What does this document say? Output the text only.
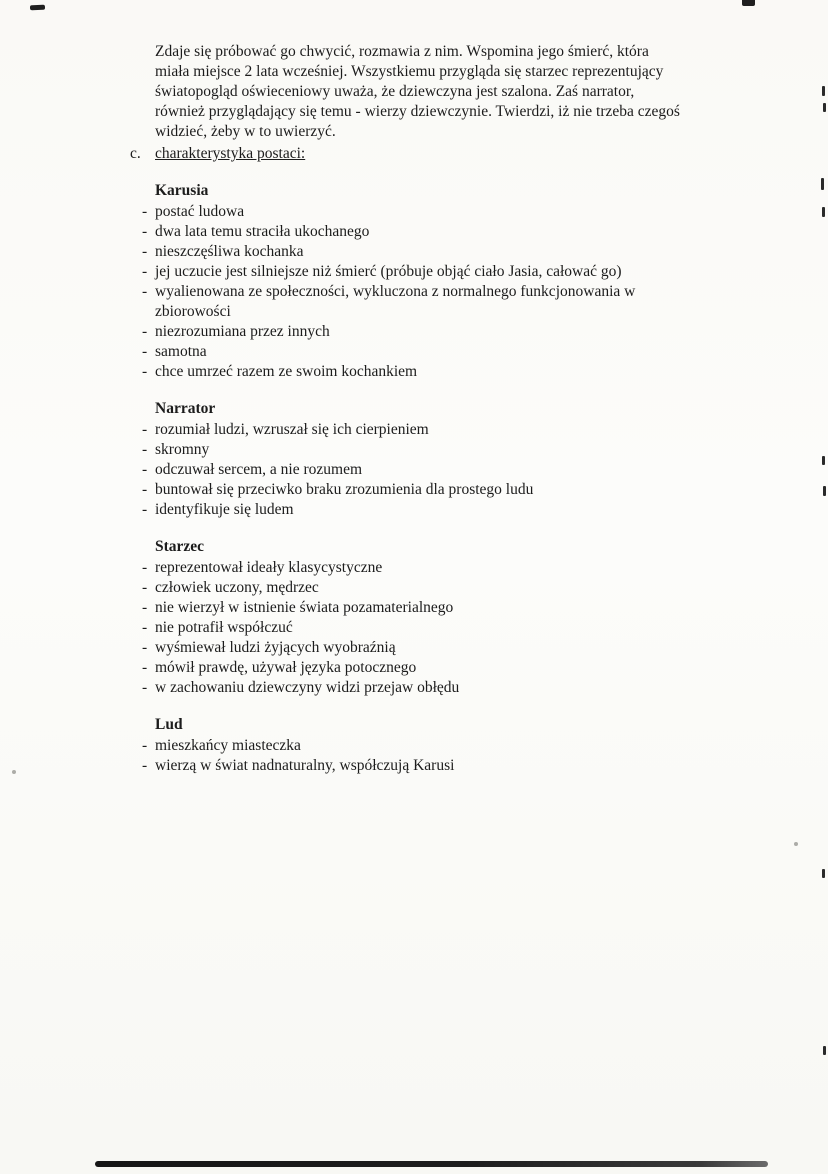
Zdaje się próbować go chwycić, rozmawia z nim. Wspomina jego śmierć, która miała miejsce 2 lata wcześniej. Wszystkiemu przygląda się starzec reprezentujący światopogląd oświeceniowy uważa, że dziewczyna jest szalona. Zaś narrator, również przyglądający się temu - wierzy dziewczynie. Twierdzi, iż nie trzeba czegoś widzieć, żeby w to uwierzyć.

c. charakterystyka postaci:
Karusia
- postać ludowa
- dwa lata temu straciła ukochanego
- nieszczęśliwa kochanka
- jej uczucie jest silniejsze niż śmierć (próbuje objąć ciało Jasia, całować go)
- wyalienowana ze społeczności, wykluczona z normalnego funkcjonowania w zbiorowości
- niezrozumiana przez innych
- samotna
- chce umrzeć razem ze swoim kochankiem
Narrator
- rozumiał ludzi, wzruszał się ich cierpieniem
- skromny
- odczuwał sercem, a nie rozumem
- buntował się przeciwko braku zrozumienia dla prostego ludu
- identyfikuje się ludem
Starzec
- reprezentował ideały klasycystyczne
- człowiek uczony, mędrzec
- nie wierzył w istnienie świata pozamaterialnego
- nie potrafił współczuć
- wyśmiewał ludzi żyjących wyobraźnią
- mówił prawdę, używał języka potocznego
- w zachowaniu dziewczyny widzi przejaw obłędu
Lud
- mieszkańcy miasteczka
- wierzą w świat nadnaturalny, współczują Karusi
